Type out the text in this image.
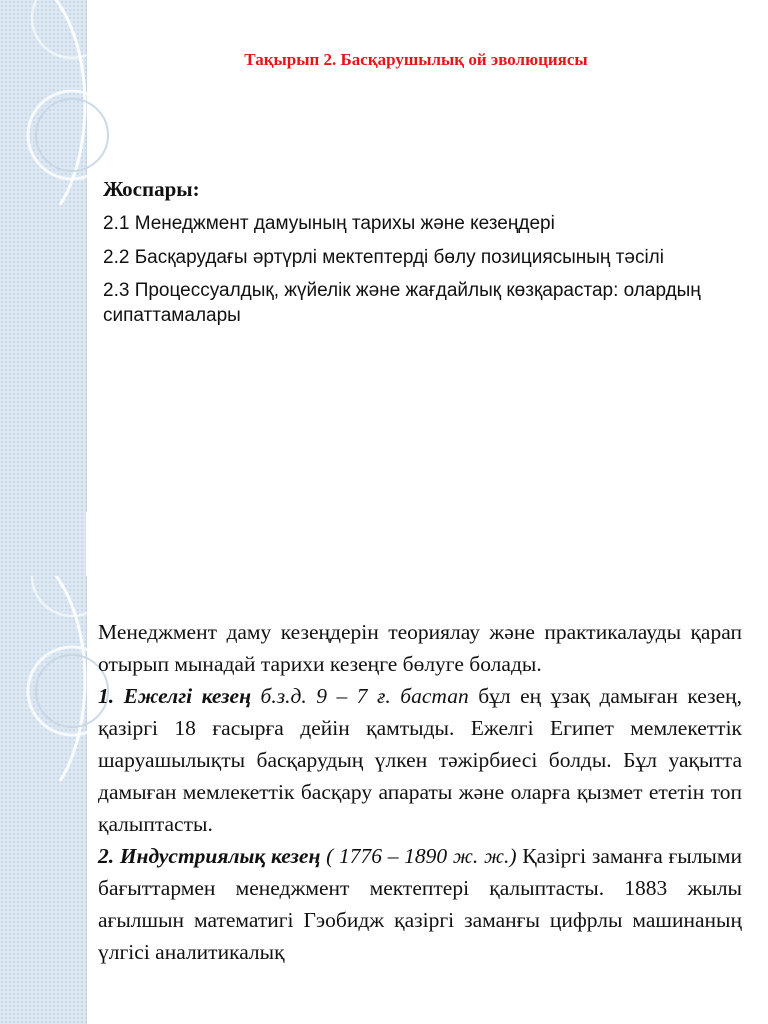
Тақырып 2. Басқарушылық ой эволюциясы
Жоспары:
2.1 Менеджмент дамуының тарихы және кезеңдері
2.2 Басқарудағы әртүрлі мектептерді бөлу позициясының тәсілі
2.3 Процессуалдық, жүйелік және жағдайлық көзқарастар: олардың сипаттамалары

Менеджмент даму кезеңдерін теориялау және практикалауды қарап отырып мынадай тарихи кезеңге бөлуге болады.

1. Ежелгі кезең б.з.д. 9 – 7 ғ. бастап бұл ең ұзақ дамыған кезең, қазіргі 18 ғасырға дейін қамтыды. Ежелгі Египет мемлекеттік шаруашылықты басқарудың үлкен тәжірбиесі болды. Бұл уақытта дамыған мемлекеттік басқару апараты және оларға қызмет ететін топ қалыптасты.

2. Индустриялық кезең ( 1776 – 1890 ж. ж.) Қазіргі заманға ғылыми бағыттармен менеджмент мектептері қалыптасты. 1883 жылы ағылшын математигі Гэобидж қазіргі заманғы цифрлы машинаның үлгісі аналитикалық
